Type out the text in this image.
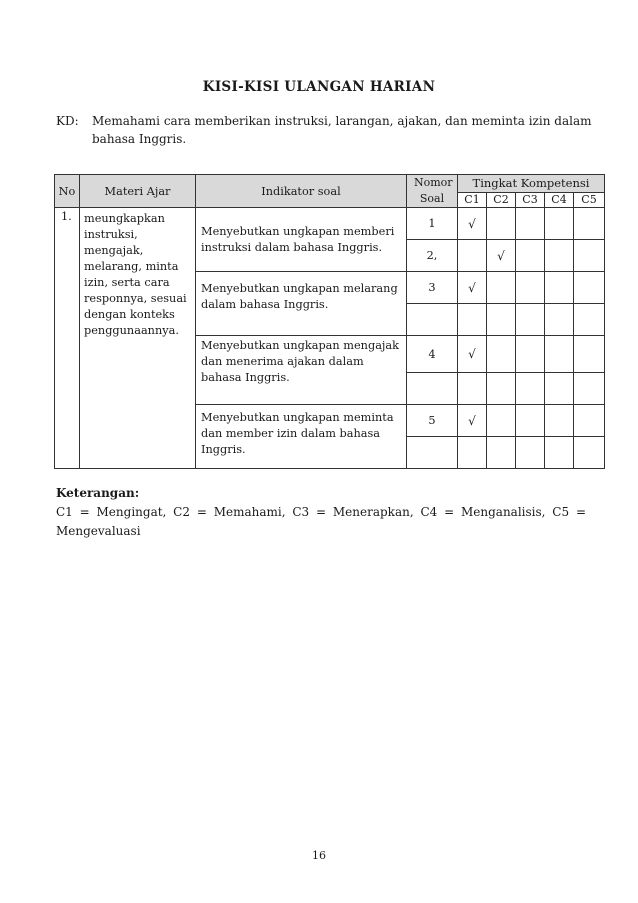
KISI-KISI ULANGAN HARIAN
KD: Memahami cara memberikan instruksi, larangan, ajakan, dan meminta izin dalam bahasa Inggris.
No	Materi Ajar	Indikator soal	Nomor Soal	Tingkat Kompetensi				
				C1	C2	C3	C4	C5

1.	meungkapkan instruksi, mengajak, melarang, minta izin, serta cara responnya, sesuai dengan konteks penggunaannya.	Menyebutkan ungkapan memberi instruksi dalam bahasa Inggris.	1	√				
			2,		√			

		Menyebutkan ungkapan melarang dalam bahasa Inggris.	3	√				

		Menyebutkan ungkapan mengajak dan menerima ajakan dalam bahasa Inggris.	4	√				

		Menyebutkan ungkapan meminta dan member izin dalam bahasa Inggris.	5	√				

Keterangan:
C1 = Mengingat, C2 = Memahami, C3 = Menerapkan, C4 = Menganalisis, C5 = Mengevaluasi
16
